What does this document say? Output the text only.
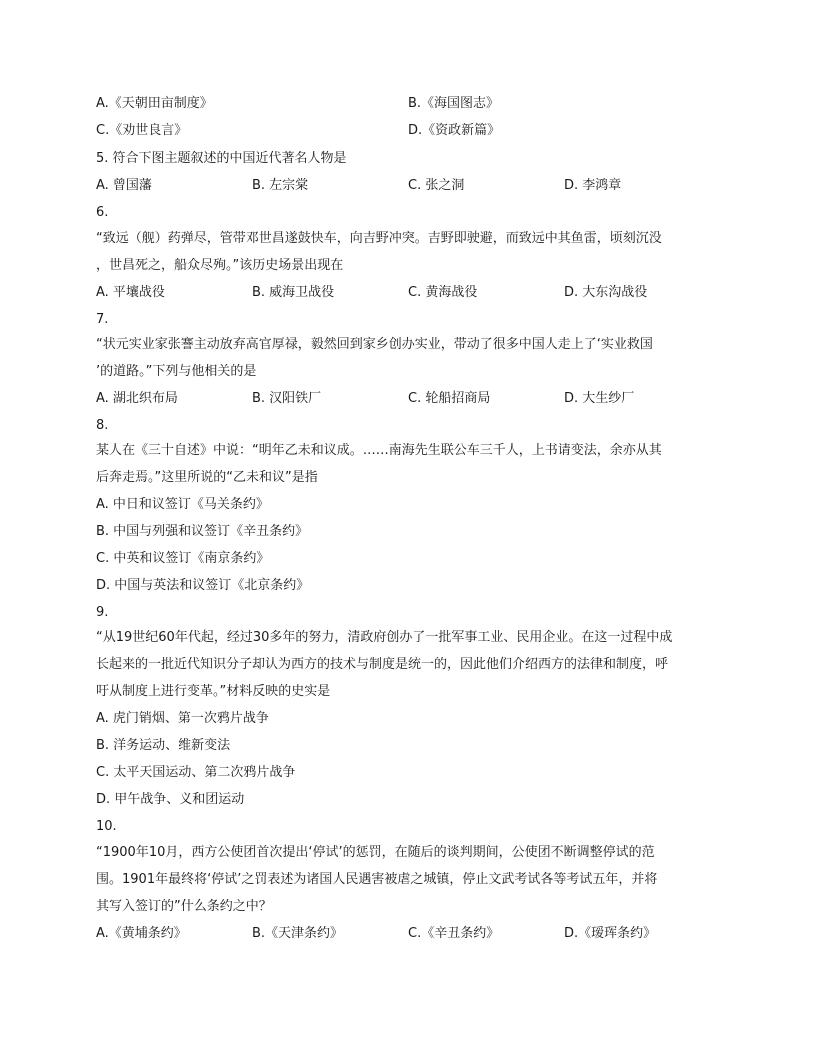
A.《天朝田亩制度》	B.《海国图志》
C.《劝世良言》	D.《资政新篇》
5. 符合下图主题叙述的中国近代著名人物是
A. 曾国藩	B. 左宗棠	C. 张之洞	D. 李鸿章
6.
“致远（舰）药弹尽，管带邓世昌遂鼓快车，向吉野冲突。吉野即驶避，而致远中其鱼雷，顷刻沉没
，世昌死之，船众尽殉。”该历史场景出现在
A. 平壤战役	B. 威海卫战役	C. 黄海战役	D. 大东沟战役
7.
“状元实业家张謇主动放弃高官厚禄，毅然回到家乡创办实业，带动了很多中国人走上了‘实业救国
’的道路。”下列与他相关的是
A. 湖北织布局	B. 汉阳铁厂	C. 轮船招商局	D. 大生纱厂
8.
某人在《三十自述》中说：“明年乙未和议成。……南海先生联公车三千人，上书请变法，余亦从其
后奔走焉。”这里所说的“乙未和议”是指
A. 中日和议签订《马关条约》
B. 中国与列强和议签订《辛丑条约》
C. 中英和议签订《南京条约》
D. 中国与英法和议签订《北京条约》
9.
“从19世纪60年代起，经过30多年的努力，清政府创办了一批军事工业、民用企业。在这一过程中成
长起来的一批近代知识分子却认为西方的技术与制度是统一的，因此他们介绍西方的法律和制度，呼
吁从制度上进行变革。”材料反映的史实是
A. 虎门销烟、第一次鸦片战争
B. 洋务运动、维新变法
C. 太平天国运动、第二次鸦片战争
D. 甲午战争、义和团运动
10.
“1900年10月，西方公使团首次提出‘停试’的惩罚，在随后的谈判期间，公使团不断调整停试的范
围。1901年最终将‘停试’之罚表述为诸国人民遇害被虐之城镇，停止文武考试各等考试五年，并将
其写入签订的”什么条约之中？
A.《黄埔条约》	B.《天津条约》	C.《辛丑条约》	D.《瑷珲条约》
